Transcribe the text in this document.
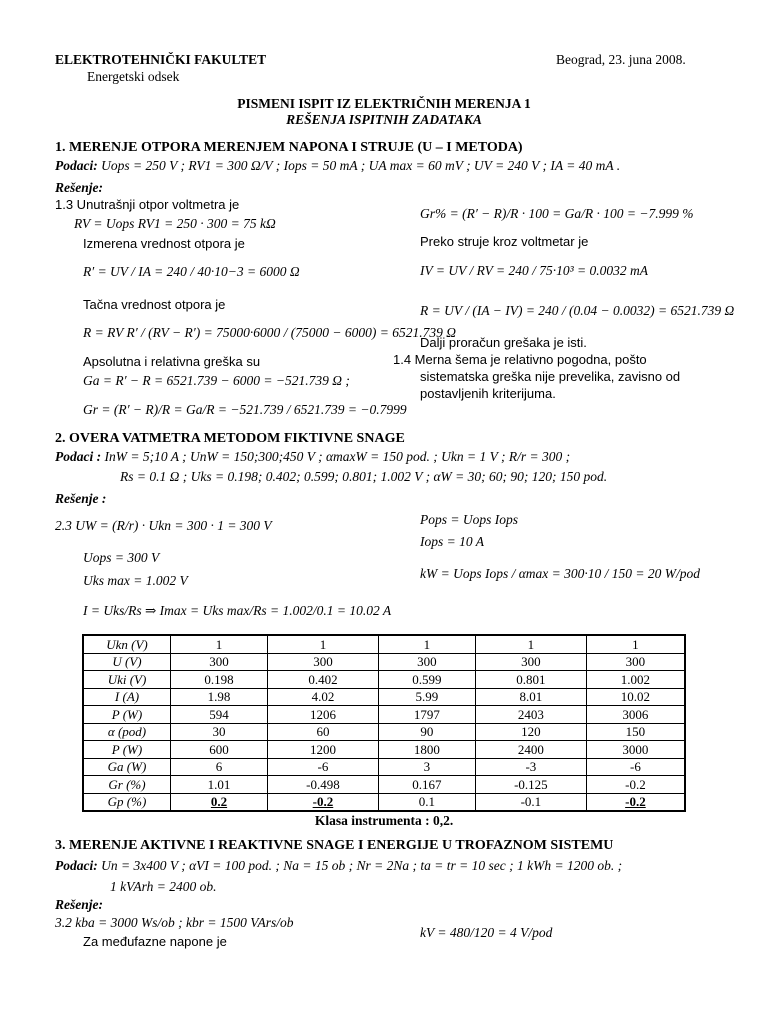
ELEKTROTEHNIČKI FAKULTET
Energetski odsek
Beograd, 23. juna 2008.
PISMENI ISPIT IZ ELEKTRIČNIH MERENJA 1
REŠENJA ISPITNIH ZADATAKA
1. MERENJE OTPORA MERENJEM NAPONA I STRUJE (U – I METODA)
Podaci: Uops = 250 V ; RV1 = 300 Ω/V ; Iops = 50 mA ; UA max = 60 mV ; UV = 240 V ; IA = 40 mA .
Rešenje:
1.3 Unutrašnji otpor voltmetra je
RV = Uops RV1 = 250 · 300 = 75 kΩ
Izmerena vrednost otpora je
R′ = UV / IA = 240 / 40·10−3 = 6000 Ω
Tačna vrednost otpora je
R = RV R′ / (RV − R′) = 75000·6000 / (75000 − 6000) = 6521.739 Ω
Apsolutna i relativna greška su
Ga = R′ − R = 6521.739 − 6000 = −521.739 Ω ;
Gr = (R′ − R)/R = Ga/R = −521.739 / 6521.739 = −0.7999
Gr% = (R′ − R)/R · 100 = Ga/R · 100 = −7.999 %
Preko struje kroz voltmetar je
IV = UV / RV = 240 / 75·10³ = 0.0032 mA
R = UV / (IA − IV) = 240 / (0.04 − 0.0032) = 6521.739 Ω
Dalji proračun grešaka je isti.
1.4 Merna šema je relativno pogodna, pošto
sistematska greška nije prevelika, zavisno od
postavljenih kriterijuma.
2. OVERA VATMETRA METODOM FIKTIVNE SNAGE
Podaci : InW = 5;10 A ; UnW = 150;300;450 V ; αmaxW = 150 pod. ; Ukn = 1 V ; R/r = 300 ;
Rs = 0.1 Ω ; Uks = 0.198; 0.402; 0.599; 0.801; 1.002 V ; αW = 30; 60; 90; 120; 150 pod.
Rešenje :
2.3 UW = (R/r) · Ukn = 300 · 1 = 300 V
Uops = 300 V
Uks max = 1.002 V
I = Uks/Rs ⇒ Imax = Uks max/Rs = 1.002/0.1 = 10.02 A
Pops = Uops Iops
Iops = 10 A
kW = Uops Iops / αmax = 300·10 / 150 = 20 W/pod
Ukn (V)	1	1	1	1	1
U (V)	300	300	300	300	300
Uki (V)	0.198	0.402	0.599	0.801	1.002
I (A)	1.98	4.02	5.99	8.01	10.02
P (W)	594	1206	1797	2403	3006
α (pod)	30	60	90	120	150
P (W)	600	1200	1800	2400	3000
Ga (W)	6	-6	3	-3	-6
Gr (%)	1.01	-0.498	0.167	-0.125	-0.2
Gp (%)	0.2	-0.2	0.1	-0.1	-0.2
Klasa instrumenta : 0,2.
3. MERENJE AKTIVNE I REAKTIVNE SNAGE I ENERGIJE U TROFAZNOM SISTEMU
Podaci: Un = 3x400 V ; αVI = 100 pod. ; Na = 15 ob ; Nr = 2Na ; ta = tr = 10 sec ; 1 kWh = 1200 ob. ;
1 kVArh = 2400 ob.
Rešenje:
3.2 kba = 3000 Ws/ob ; kbr = 1500 VArs/ob
kV = 480/120 = 4 V/pod
Za međufazne napone je
